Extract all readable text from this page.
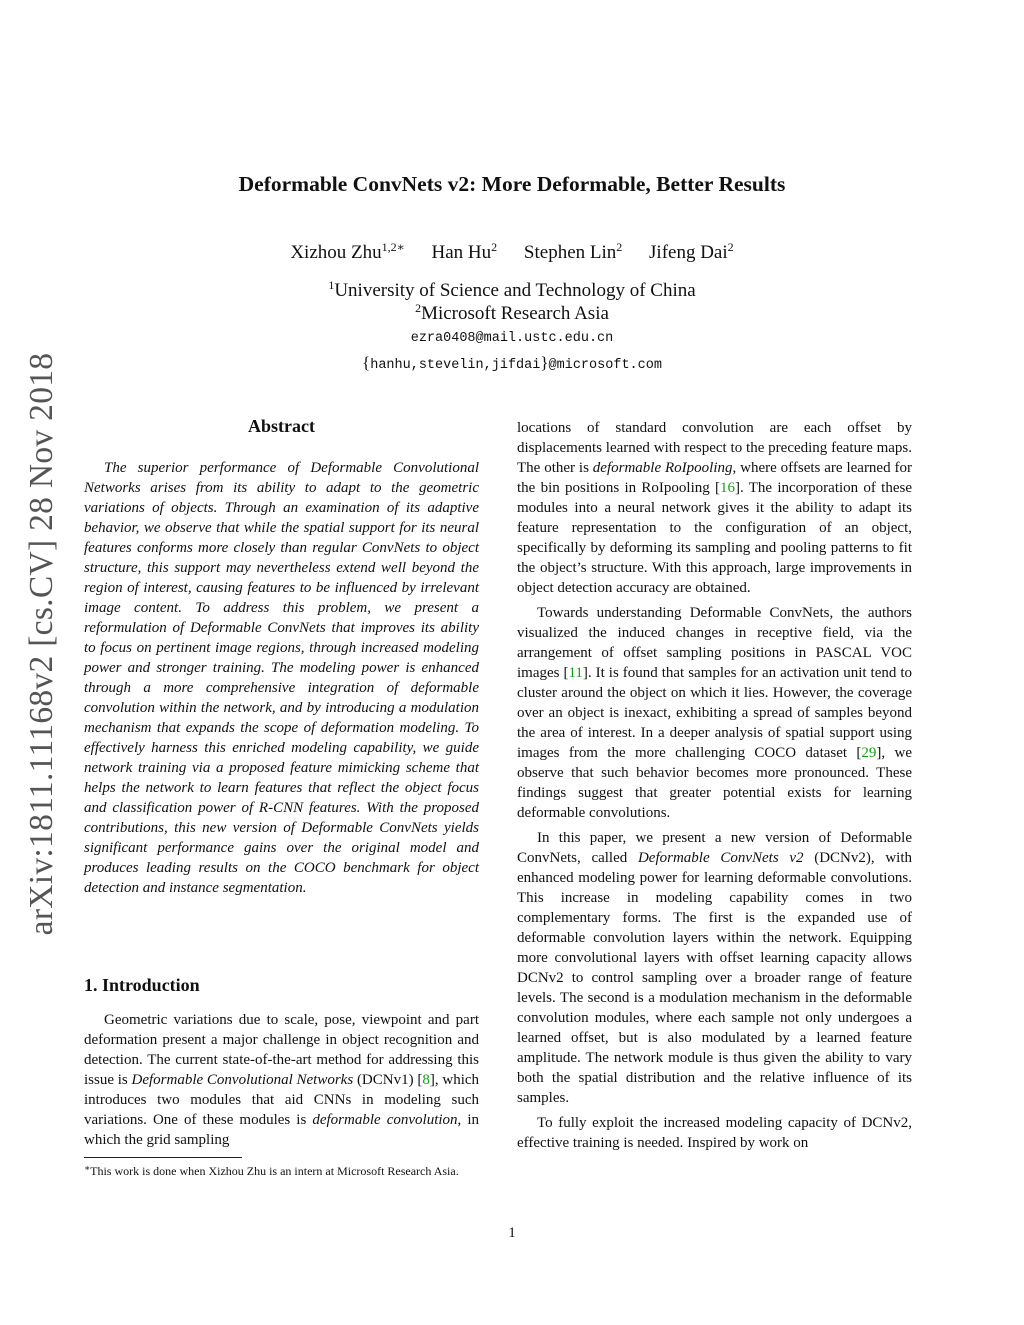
arXiv:1811.11168v2 [cs.CV] 28 Nov 2018
Deformable ConvNets v2: More Deformable, Better Results
Xizhou Zhu$^{1,2∗}$ Han Hu$^2$ Stephen Lin$^2$ Jifeng Dai$^2$
$^1$University of Science and Technology of China
$^2$Microsoft Research Asia
ezra0408@mail.ustc.edu.cn
{hanhu,stevelin,jifdai}@microsoft.com
Abstract

The superior performance of Deformable Convolutional Networks arises from its ability to adapt to the geometric variations of objects. Through an examination of its adaptive behavior, we observe that while the spatial support for its neural features conforms more closely than regular ConvNets to object structure, this support may nevertheless extend well beyond the region of interest, causing features to be influenced by irrelevant image content. To address this problem, we present a reformulation of Deformable ConvNets that improves its ability to focus on pertinent image regions, through increased modeling power and stronger training. The modeling power is enhanced through a more comprehensive integration of deformable convolution within the network, and by introducing a modulation mechanism that expands the scope of deformation modeling. To effectively harness this enriched modeling capability, we guide network training via a proposed feature mimicking scheme that helps the network to learn features that reflect the object focus and classification power of R-CNN features. With the proposed contributions, this new version of Deformable ConvNets yields significant performance gains over the original model and produces leading results on the COCO benchmark for object detection and instance segmentation.

1. Introduction

Geometric variations due to scale, pose, viewpoint and part deformation present a major challenge in object recognition and detection. The current state-of-the-art method for addressing this issue is Deformable Convolutional Networks (DCNv1) [8], which introduces two modules that aid CNNs in modeling such variations. One of these modules is deformable convolution, in which the grid sampling

∗This work is done when Xizhou Zhu is an intern at Microsoft Research Asia.

locations of standard convolution are each offset by displacements learned with respect to the preceding feature maps. The other is deformable RoIpooling, where offsets are learned for the bin positions in RoIpooling [16]. The incorporation of these modules into a neural network gives it the ability to adapt its feature representation to the configuration of an object, specifically by deforming its sampling and pooling patterns to fit the object’s structure. With this approach, large improvements in object detection accuracy are obtained.

Towards understanding Deformable ConvNets, the authors visualized the induced changes in receptive field, via the arrangement of offset sampling positions in PASCAL VOC images [11]. It is found that samples for an activation unit tend to cluster around the object on which it lies. However, the coverage over an object is inexact, exhibiting a spread of samples beyond the area of interest. In a deeper analysis of spatial support using images from the more challenging COCO dataset [29], we observe that such behavior becomes more pronounced. These findings suggest that greater potential exists for learning deformable convolutions.

In this paper, we present a new version of Deformable ConvNets, called Deformable ConvNets v2 (DCNv2), with enhanced modeling power for learning deformable convolutions. This increase in modeling capability comes in two complementary forms. The first is the expanded use of deformable convolution layers within the network. Equipping more convolutional layers with offset learning capacity allows DCNv2 to control sampling over a broader range of feature levels. The second is a modulation mechanism in the deformable convolution modules, where each sample not only undergoes a learned offset, but is also modulated by a learned feature amplitude. The network module is thus given the ability to vary both the spatial distribution and the relative influence of its samples.

To fully exploit the increased modeling capacity of DCNv2, effective training is needed. Inspired by work on

1
